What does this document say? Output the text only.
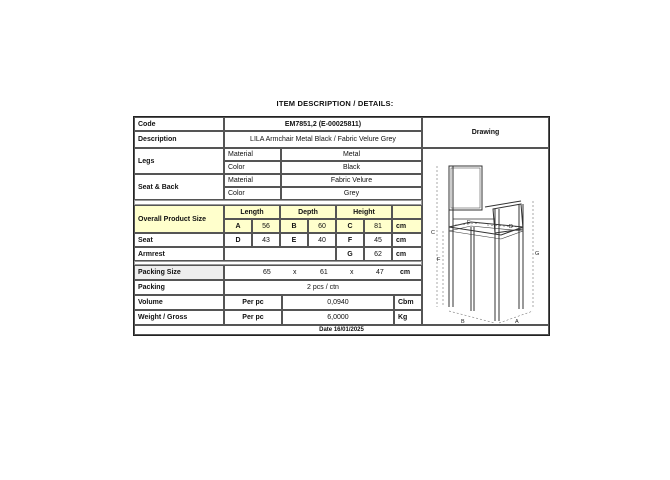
ITEM DESCRIPTION / DETAILS:
Code	EM7851,2 (E-00025811)
Description	LILA Armchair Metal Black / Fabric Velure Grey
Drawing
Legs
Material	Metal
Color	Black
Seat & Back
Material	Fabric Velure
Color	Grey
Overall Product Size
Length	Depth	Height
A	56	B	60	C	81	cm
Seat	D	43	E	40	F	45	cm
Armrest	G	62	cm
Packing Size	65	x	61	x	47 cm
Packing	2 pcs / ctn
Volume	Per pc	0,0940	Cbm
Weight / Gross	Per pc	6,0000	Kg
Date 16/01/2025
C
F
G
E
D
B	A
